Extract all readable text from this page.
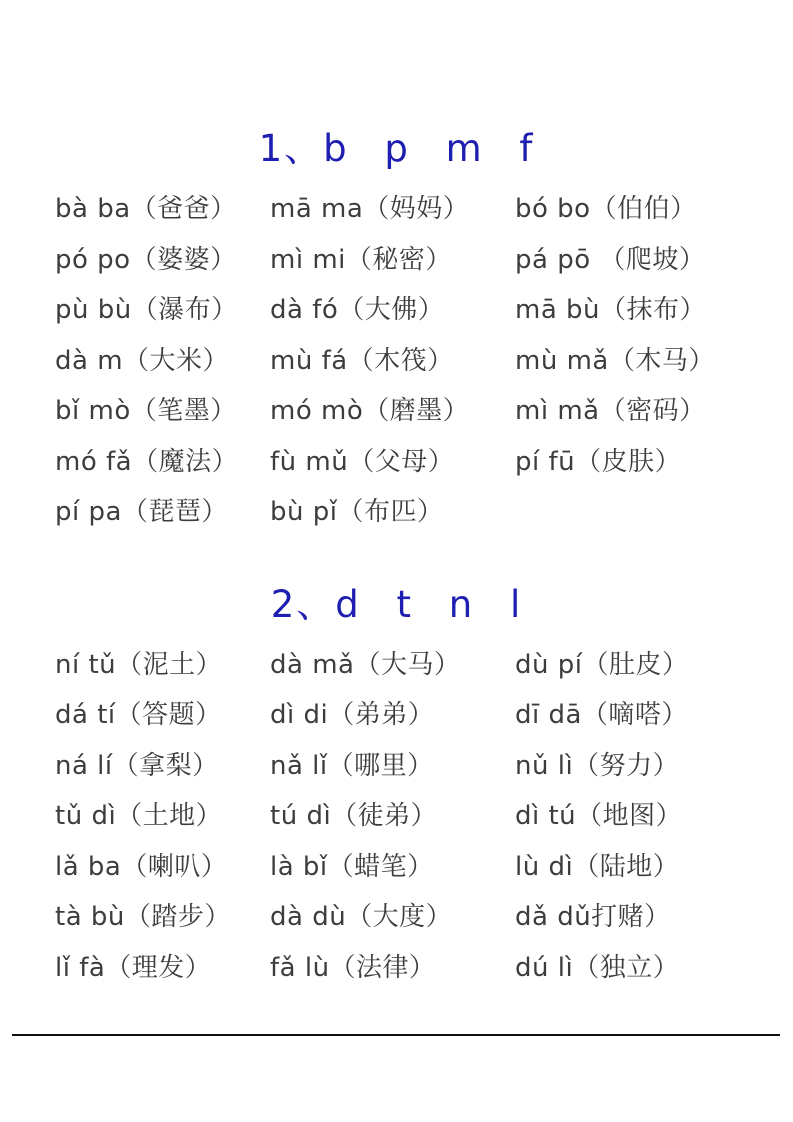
1、b p m f
bà ba（爸爸）	mā ma（妈妈）	bó bo（伯伯）
pó po（婆婆）	mì mi（秘密）	pá pō （爬坡）
pù bù（瀑布）	dà fó（大佛）	mā bù（抹布）
dà m（大米）	mù fá（木筏）	mù mǎ（木马）
bǐ mò（笔墨）	mó mò（磨墨）	mì mǎ（密码）
mó fǎ（魔法）	fù mǔ（父母）	pí fū（皮肤）
pí pa（琵琶）	bù pǐ（布匹）
2、d t n l
ní tǔ（泥土）	dà mǎ（大马）	dù pí（肚皮）
dá tí（答题）	dì di（弟弟）	dī dā（嘀嗒）
ná lí（拿梨）	nǎ lǐ（哪里）	nǔ lì（努力）
tǔ dì（土地）	tú dì（徒弟）	dì tú（地图）
lǎ ba（喇叭）	là bǐ（蜡笔）	lù dì（陆地）
tà bù（踏步）	dà dù（大度）	dǎ dǔ打赌）
lǐ fà（理发）	fǎ lù（法律）	dú lì（独立）
